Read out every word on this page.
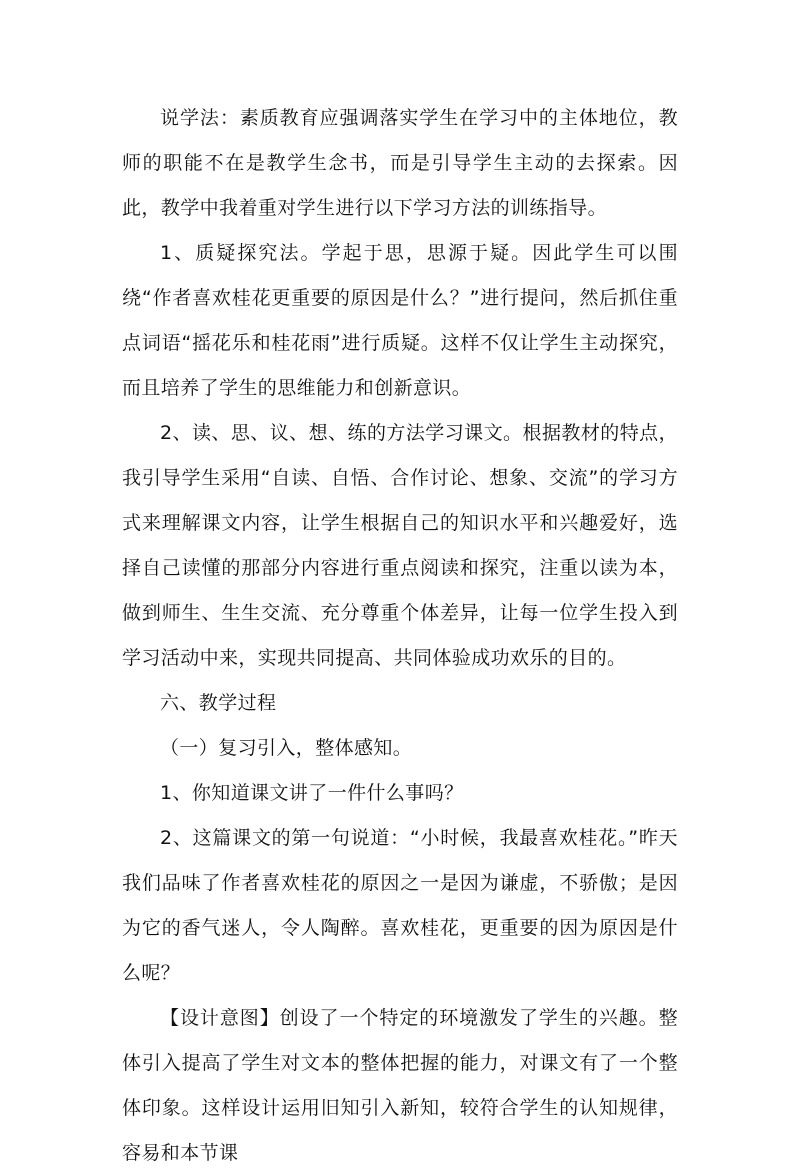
说学法：素质教育应强调落实学生在学习中的主体地位，教师的职能不在是教学生念书，而是引导学生主动的去探索。因此，教学中我着重对学生进行以下学习方法的训练指导。

1、质疑探究法。学起于思，思源于疑。因此学生可以围绕“作者喜欢桂花更重要的原因是什么？”进行提问，然后抓住重点词语“摇花乐和桂花雨”进行质疑。这样不仅让学生主动探究，而且培养了学生的思维能力和创新意识。

2、读、思、议、想、练的方法学习课文。根据教材的特点，我引导学生采用“自读、自悟、合作讨论、想象、交流”的学习方式来理解课文内容，让学生根据自己的知识水平和兴趣爱好，选择自己读懂的那部分内容进行重点阅读和探究，注重以读为本，做到师生、生生交流、充分尊重个体差异，让每一位学生投入到学习活动中来，实现共同提高、共同体验成功欢乐的目的。

六、教学过程

（一）复习引入，整体感知。

1、你知道课文讲了一件什么事吗？

2、这篇课文的第一句说道：“小时候，我最喜欢桂花。”昨天我们品味了作者喜欢桂花的原因之一是因为谦虚，不骄傲；是因为它的香气迷人，令人陶醉。喜欢桂花，更重要的因为原因是什么呢？

【设计意图】创设了一个特定的环境激发了学生的兴趣。整体引入提高了学生对文本的整体把握的能力，对课文有了一个整体印象。这样设计运用旧知引入新知，较符合学生的认知规律，容易和本节课
